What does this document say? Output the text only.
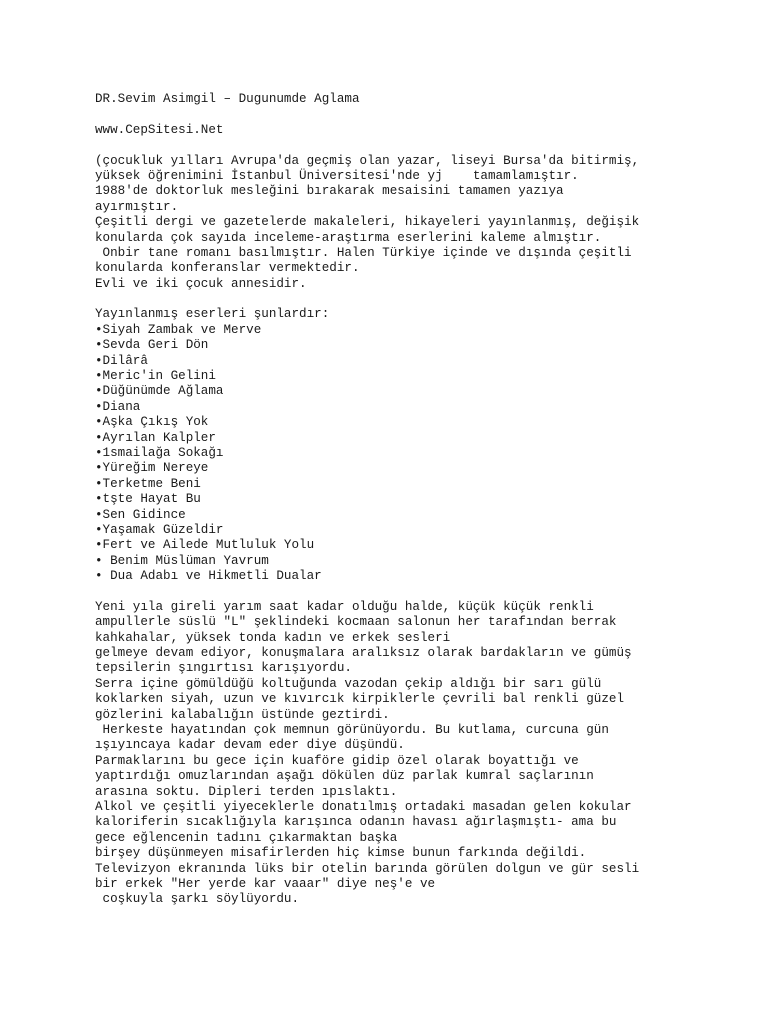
DR.Sevim Asimgil – Dugunumde Aglama
www.CepSitesi.Net
(çocukluk yılları Avrupa'da geçmiş olan yazar, liseyi Bursa'da bitirmiş,
yüksek öğrenimini İstanbul Üniversitesi'nde yj    tamamlamıştır.
1988'de doktorluk mesleğini bırakarak mesaisini tamamen yazıya
ayırmıştır.
Çeşitli dergi ve gazetelerde makaleleri, hikayeleri yayınlanmış, değişik
konularda çok sayıda inceleme-araştırma eserlerini kaleme almıştır.
Onbir tane romanı basılmıştır. Halen Türkiye içinde ve dışında çeşitli
konularda konferanslar vermektedir.
Evli ve iki çocuk annesidir.
Yayınlanmış eserleri şunlardır:
•Siyah Zambak ve Merve
•Sevda Geri Dön
•Dilârâ
•Meric'in Gelini
•Düğünümde Ağlama
•Diana
•Aşka Çıkış Yok
•Ayrılan Kalpler
•1smailağa Sokağı
•Yüreğim Nereye
•Terketme Beni
•tşte Hayat Bu
•Sen Gidince
•Yaşamak Güzeldir
•Fert ve Ailede Mutluluk Yolu
• Benim Müslüman Yavrum
• Dua Adabı ve Hikmetli Dualar
Yeni yıla gireli yarım saat kadar olduğu halde, küçük küçük renkli
ampullerle süslü "L" şeklindeki kocmaan salonun her tarafından berrak
kahkahalar, yüksek tonda kadın ve erkek sesleri
gelmeye devam ediyor, konuşmalara aralıksız olarak bardakların ve gümüş
tepsilerin şıngırtısı karışıyordu.
Serra içine gömüldüğü koltuğunda vazodan çekip aldığı bir sarı gülü
koklarken siyah, uzun ve kıvırcık kirpiklerle çevrili bal renkli güzel
gözlerini kalabalığın üstünde geztirdi.
Herkeste hayatından çok memnun görünüyordu. Bu kutlama, curcuna gün
ışıyıncaya kadar devam eder diye düşündü.
Parmaklarını bu gece için kuaföre gidip özel olarak boyattığı ve
yaptırdığı omuzlarından aşağı dökülen düz parlak kumral saçlarının
arasına soktu. Dipleri terden ıpıslaktı.
Alkol ve çeşitli yiyeceklerle donatılmış ortadaki masadan gelen kokular
kaloriferin sıcaklığıyla karışınca odanın havası ağırlaşmıştı- ama bu
gece eğlencenin tadını çıkarmaktan başka
birşey düşünmeyen misafirlerden hiç kimse bunun farkında değildi.
Televizyon ekranında lüks bir otelin barında görülen dolgun ve gür sesli
bir erkek "Her yerde kar vaaar" diye neş'e ve
coşkuyla şarkı söylüyordu.
